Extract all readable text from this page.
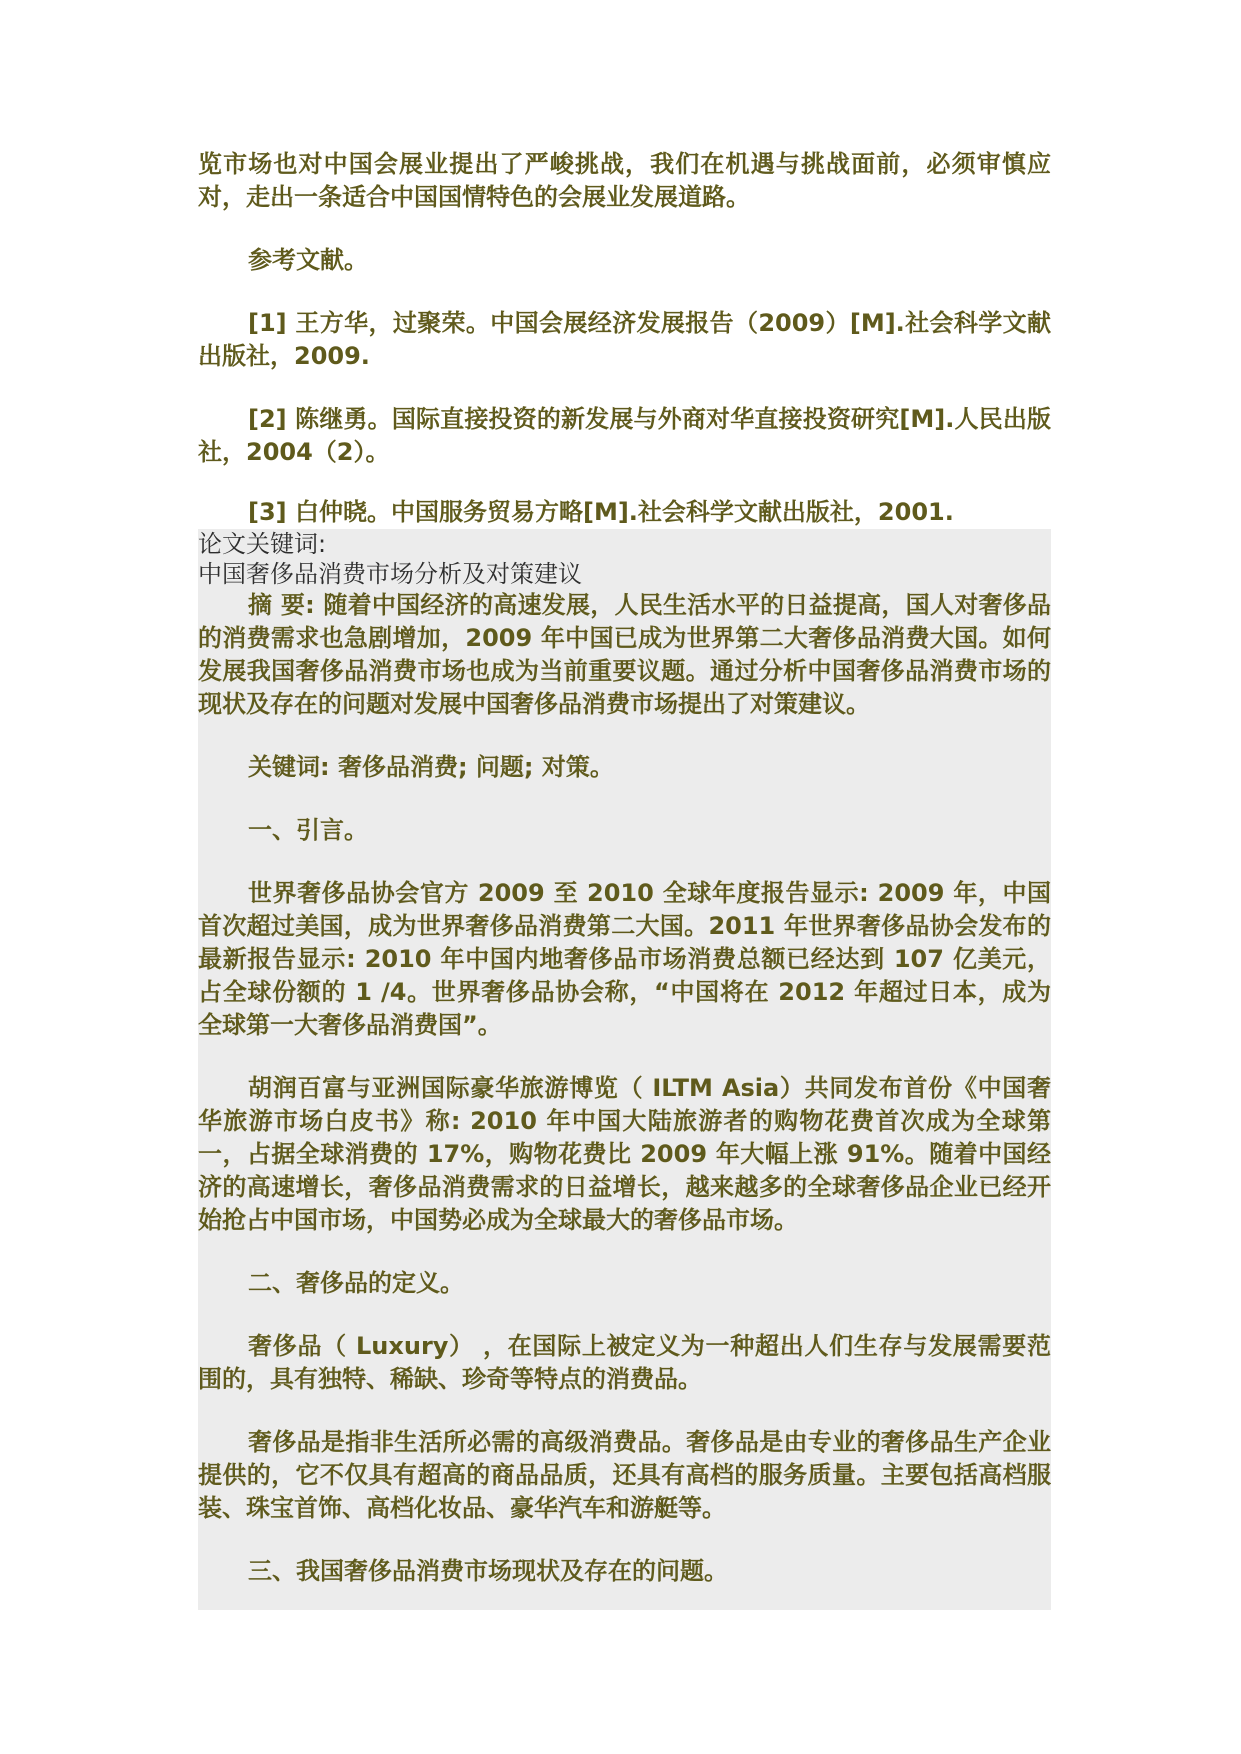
览市场也对中国会展业提出了严峻挑战，我们在机遇与挑战面前，必须审慎应对，走出一条适合中国国情特色的会展业发展道路。

参考文献。

[1] 王方华，过聚荣。中国会展经济发展报告（2009）[M].社会科学文献出版社，2009.

[2] 陈继勇。国际直接投资的新发展与外商对华直接投资研究[M].人民出版社，2004（2）。

[3] 白仲晓。中国服务贸易方略[M].社会科学文献出版社，2001.

论文关键词:

中国奢侈品消费市场分析及对策建议

摘 要: 随着中国经济的高速发展，人民生活水平的日益提高，国人对奢侈品的消费需求也急剧增加，2009 年中国已成为世界第二大奢侈品消费大国。如何发展我国奢侈品消费市场也成为当前重要议题。通过分析中国奢侈品消费市场的现状及存在的问题对发展中国奢侈品消费市场提出了对策建议。

关键词: 奢侈品消费; 问题; 对策。

一、引言。

世界奢侈品协会官方 2009 至 2010 全球年度报告显示: 2009 年，中国首次超过美国，成为世界奢侈品消费第二大国。2011 年世界奢侈品协会发布的最新报告显示: 2010 年中国内地奢侈品市场消费总额已经达到 107 亿美元，占全球份额的 1 /4。世界奢侈品协会称，“中国将在 2012 年超过日本，成为全球第一大奢侈品消费国”。

胡润百富与亚洲国际豪华旅游博览（ ILTM Asia）共同发布首份《中国奢华旅游市场白皮书》称: 2010 年中国大陆旅游者的购物花费首次成为全球第一，占据全球消费的 17%，购物花费比 2009 年大幅上涨 91%。随着中国经济的高速增长，奢侈品消费需求的日益增长，越来越多的全球奢侈品企业已经开始抢占中国市场，中国势必成为全球最大的奢侈品市场。

二、奢侈品的定义。

奢侈品（ Luxury） ，在国际上被定义为一种超出人们生存与发展需要范围的，具有独特、稀缺、珍奇等特点的消费品。

奢侈品是指非生活所必需的高级消费品。奢侈品是由专业的奢侈品生产企业提供的，它不仅具有超高的商品品质，还具有高档的服务质量。主要包括高档服装、珠宝首饰、高档化妆品、豪华汽车和游艇等。

三、我国奢侈品消费市场现状及存在的问题。
